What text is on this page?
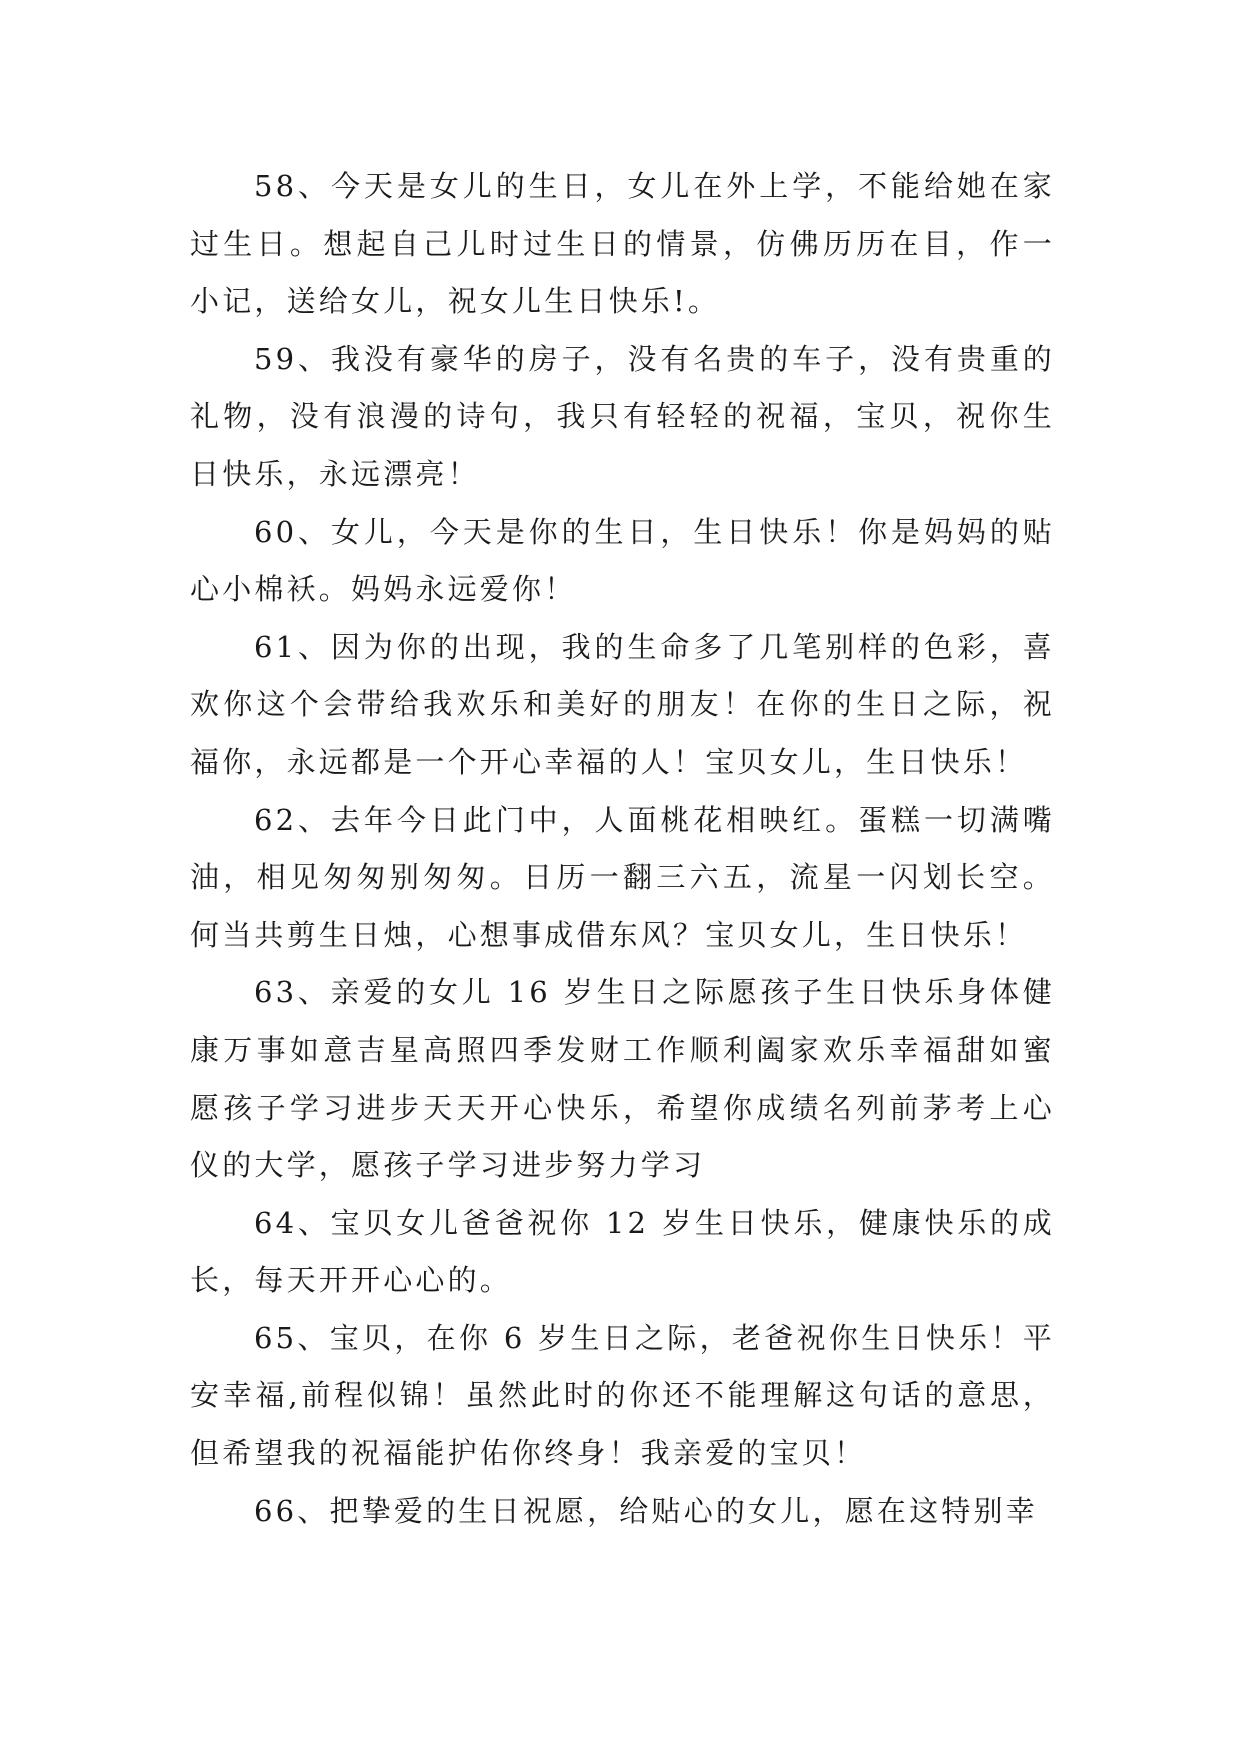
58、今天是女儿的生日，女儿在外上学，不能给她在家过生日。想起自己儿时过生日的情景，仿佛历历在目，作一小记，送给女儿，祝女儿生日快乐!。

59、我没有豪华的房子，没有名贵的车子，没有贵重的礼物，没有浪漫的诗句，我只有轻轻的祝福，宝贝，祝你生日快乐，永远漂亮！

60、女儿，今天是你的生日，生日快乐！你是妈妈的贴心小棉袄。妈妈永远爱你！

61、因为你的出现，我的生命多了几笔别样的色彩，喜欢你这个会带给我欢乐和美好的朋友！在你的生日之际，祝福你，永远都是一个开心幸福的人！宝贝女儿，生日快乐！

62、去年今日此门中，人面桃花相映红。蛋糕一切满嘴油，相见匆匆别匆匆。日历一翻三六五，流星一闪划长空。何当共剪生日烛，心想事成借东风？宝贝女儿，生日快乐！

63、亲爱的女儿 16 岁生日之际愿孩子生日快乐身体健康万事如意吉星高照四季发财工作顺利阖家欢乐幸福甜如蜜愿孩子学习进步天天开心快乐，希望你成绩名列前茅考上心仪的大学，愿孩子学习进步努力学习

64、宝贝女儿爸爸祝你 12 岁生日快乐，健康快乐的成长，每天开开心心的。

65、宝贝，在你 6 岁生日之际，老爸祝你生日快乐！平安幸福,前程似锦！虽然此时的你还不能理解这句话的意思，但希望我的祝福能护佑你终身！我亲爱的宝贝！

66、把挚爱的生日祝愿，给贴心的女儿，愿在这特别幸
